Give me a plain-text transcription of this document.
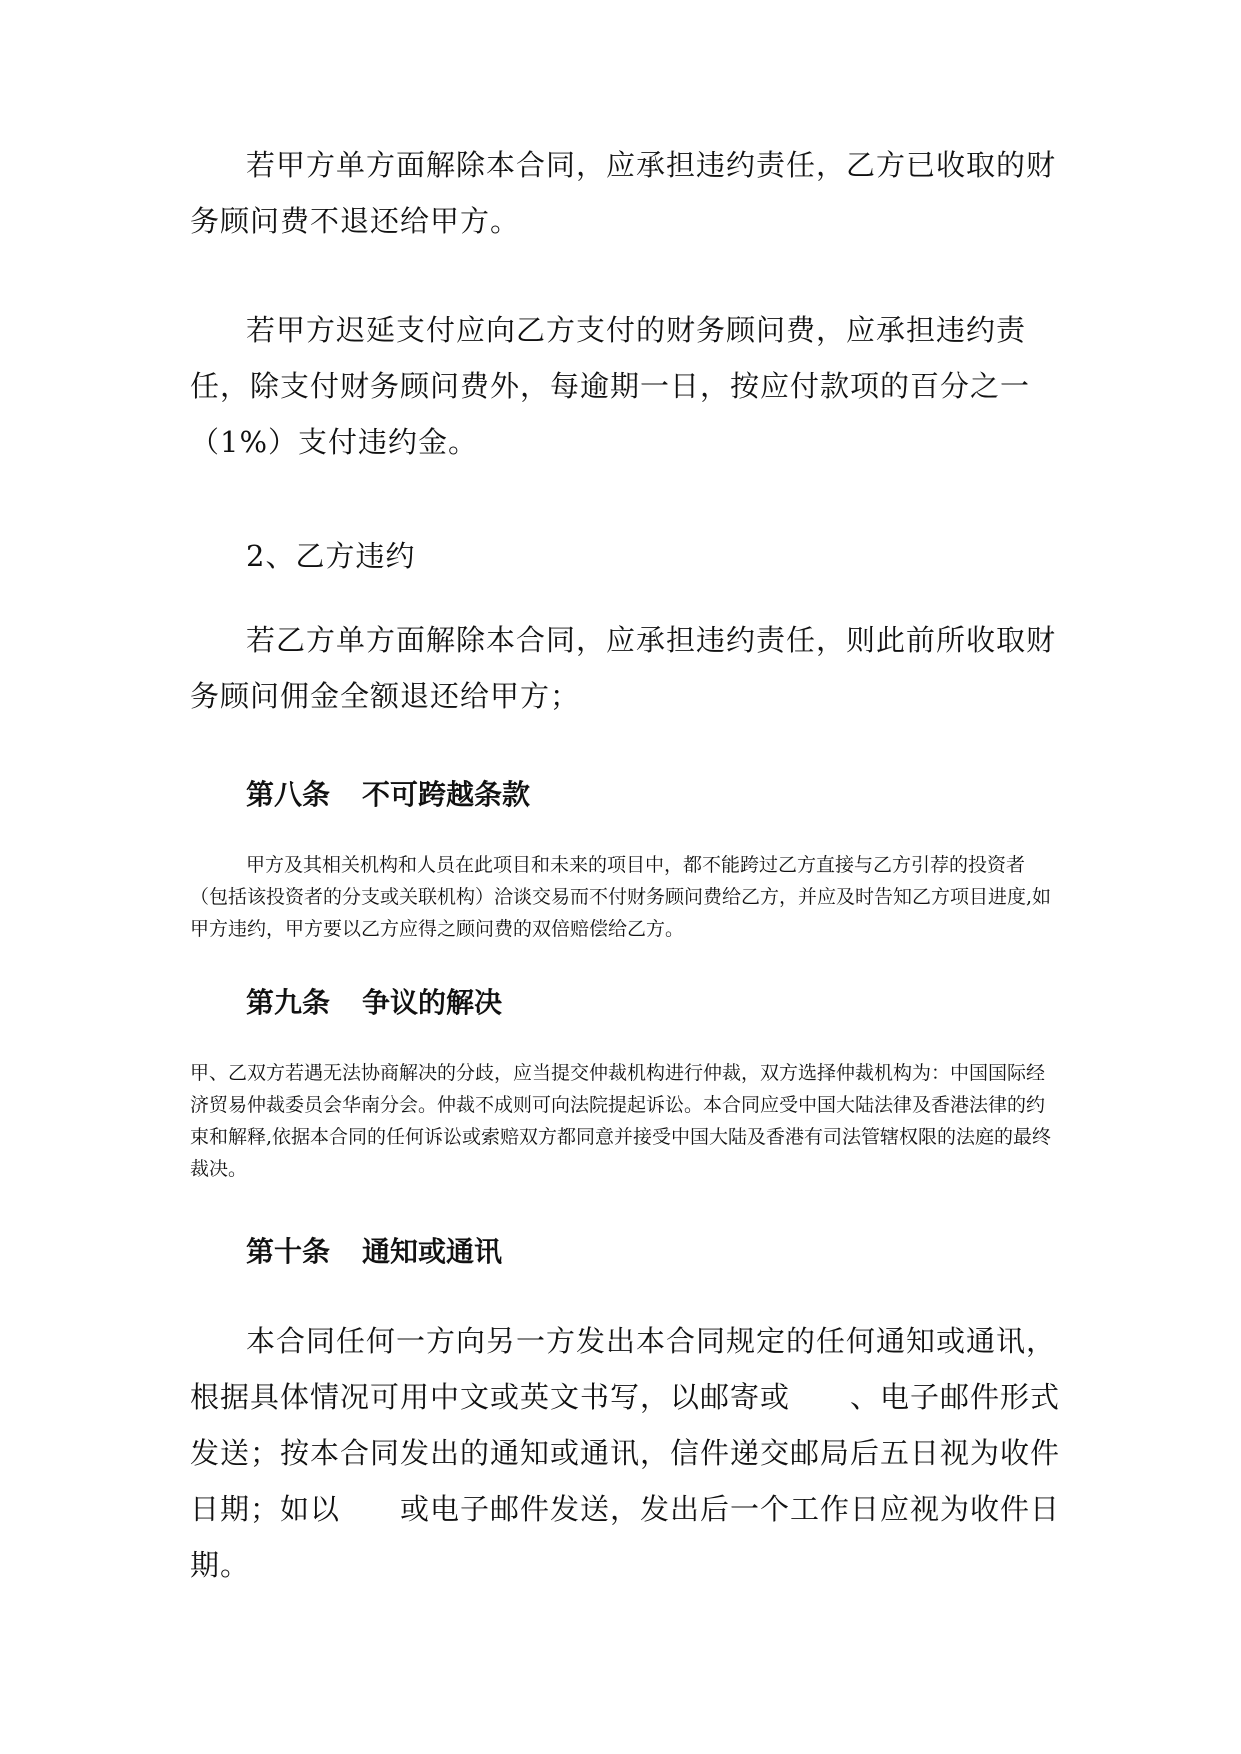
若甲方单方面解除本合同，应承担违约责任，乙方已收取的财务顾问费不退还给甲方。

若甲方迟延支付应向乙方支付的财务顾问费，应承担违约责任，除支付财务顾问费外，每逾期一日，按应付款项的百分之一（1%）支付违约金。

2、乙方违约

若乙方单方面解除本合同，应承担违约责任，则此前所收取财务顾问佣金全额退还给甲方；

第八条 不可跨越条款

甲方及其相关机构和人员在此项目和未来的项目中，都不能跨过乙方直接与乙方引荐的投资者（包括该投资者的分支或关联机构）洽谈交易而不付财务顾问费给乙方，并应及时告知乙方项目进度,如甲方违约，甲方要以乙方应得之顾问费的双倍赔偿给乙方。

第九条 争议的解决

甲、乙双方若遇无法协商解决的分歧，应当提交仲裁机构进行仲裁，双方选择仲裁机构为：中国国际经济贸易仲裁委员会华南分会。仲裁不成则可向法院提起诉讼。本合同应受中国大陆法律及香港法律的约束和解释,依据本合同的任何诉讼或索赔双方都同意并接受中国大陆及香港有司法管辖权限的法庭的最终裁决。

第十条 通知或通讯

本合同任何一方向另一方发出本合同规定的任何通知或通讯，根据具体情况可用中文或英文书写，以邮寄或　　、电子邮件形式发送；按本合同发出的通知或通讯，信件递交邮局后五日视为收件日期；如以　　或电子邮件发送，发出后一个工作日应视为收件日期。
